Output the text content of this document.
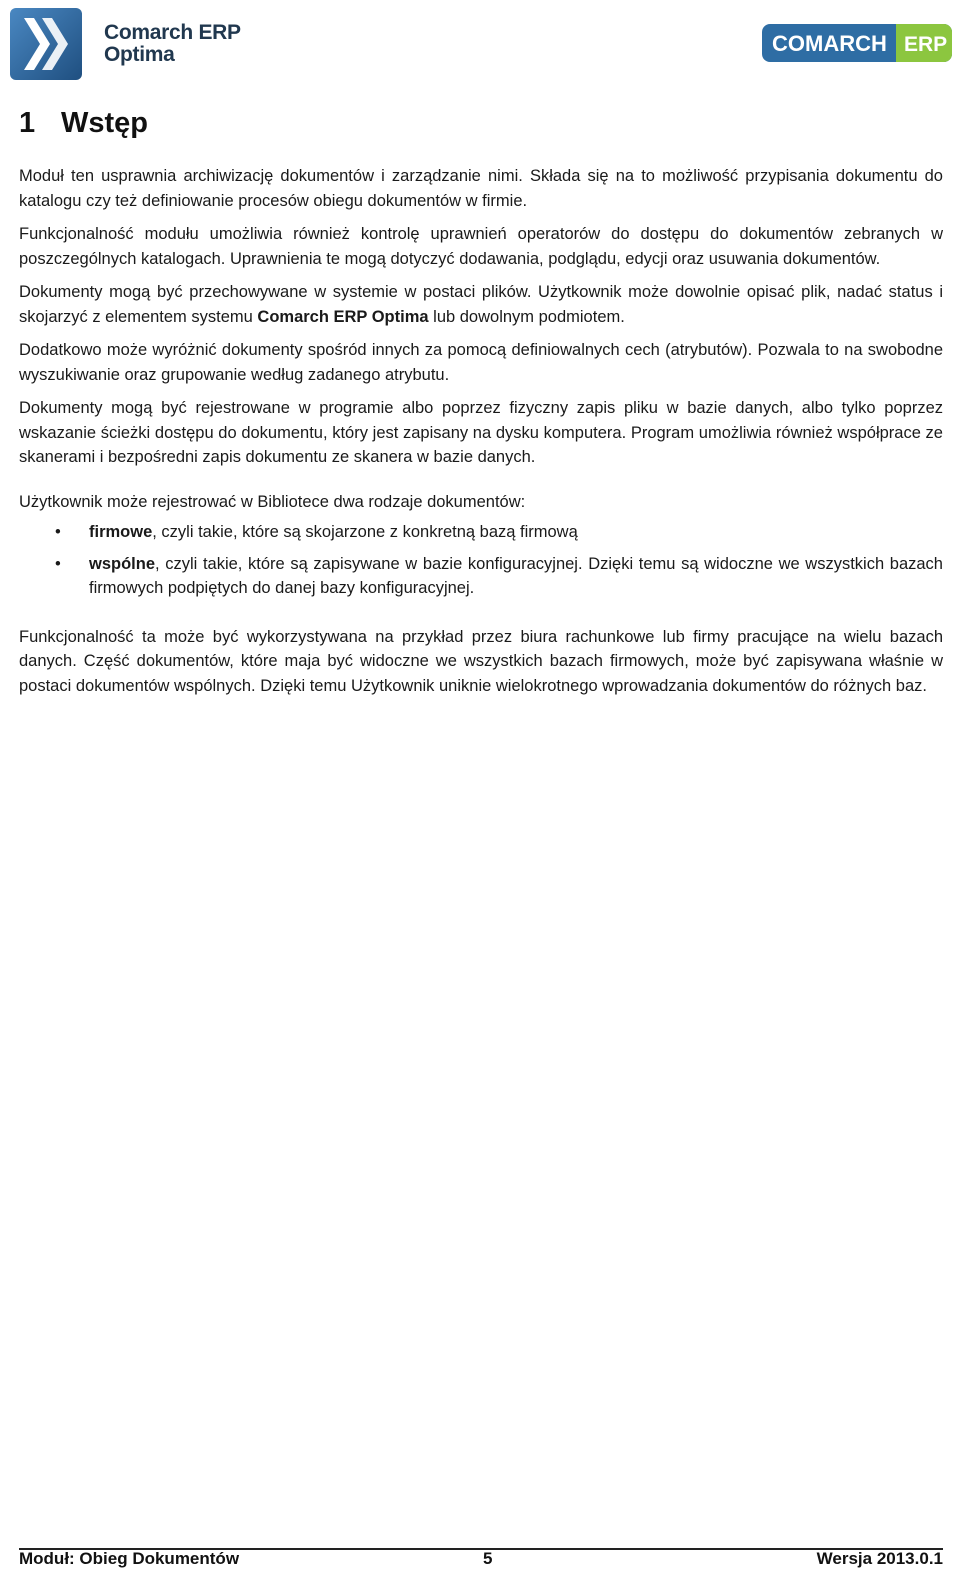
Comarch ERP
Optima	COMARCH ERP
1 Wstęp

Moduł ten usprawnia archiwizację dokumentów i zarządzanie nimi. Składa się na to możliwość przypisania dokumentu do katalogu czy też definiowanie procesów obiegu dokumentów w firmie.

Funkcjonalność modułu umożliwia również kontrolę uprawnień operatorów do dostępu do dokumentów zebranych w poszczególnych katalogach. Uprawnienia te mogą dotyczyć dodawania, podglądu, edycji oraz usuwania dokumentów.

Dokumenty mogą być przechowywane w systemie w postaci plików. Użytkownik może dowolnie opisać plik, nadać status i skojarzyć z elementem systemu Comarch ERP Optima lub dowolnym podmiotem.

Dodatkowo może wyróżnić dokumenty spośród innych za pomocą definiowalnych cech (atrybutów). Pozwala to na swobodne wyszukiwanie oraz grupowanie według zadanego atrybutu.

Dokumenty mogą być rejestrowane w programie albo poprzez fizyczny zapis pliku w bazie danych, albo tylko poprzez wskazanie ścieżki dostępu do dokumentu, który jest zapisany na dysku komputera. Program umożliwia również współprace ze skanerami i bezpośredni zapis dokumentu ze skanera w bazie danych.

Użytkownik może rejestrować w Bibliotece dwa rodzaje dokumentów:

• firmowe, czyli takie, które są skojarzone z konkretną bazą firmową
• wspólne, czyli takie, które są zapisywane w bazie konfiguracyjnej. Dzięki temu są widoczne we wszystkich bazach firmowych podpiętych do danej bazy konfiguracyjnej.

Funkcjonalność ta może być wykorzystywana na przykład przez biura rachunkowe lub firmy pracujące na wielu bazach danych. Część dokumentów, które maja być widoczne we wszystkich bazach firmowych, może być zapisywana właśnie w postaci dokumentów wspólnych. Dzięki temu Użytkownik uniknie wielokrotnego wprowadzania dokumentów do różnych baz.

Moduł: Obieg Dokumentów	5	Wersja 2013.0.1
